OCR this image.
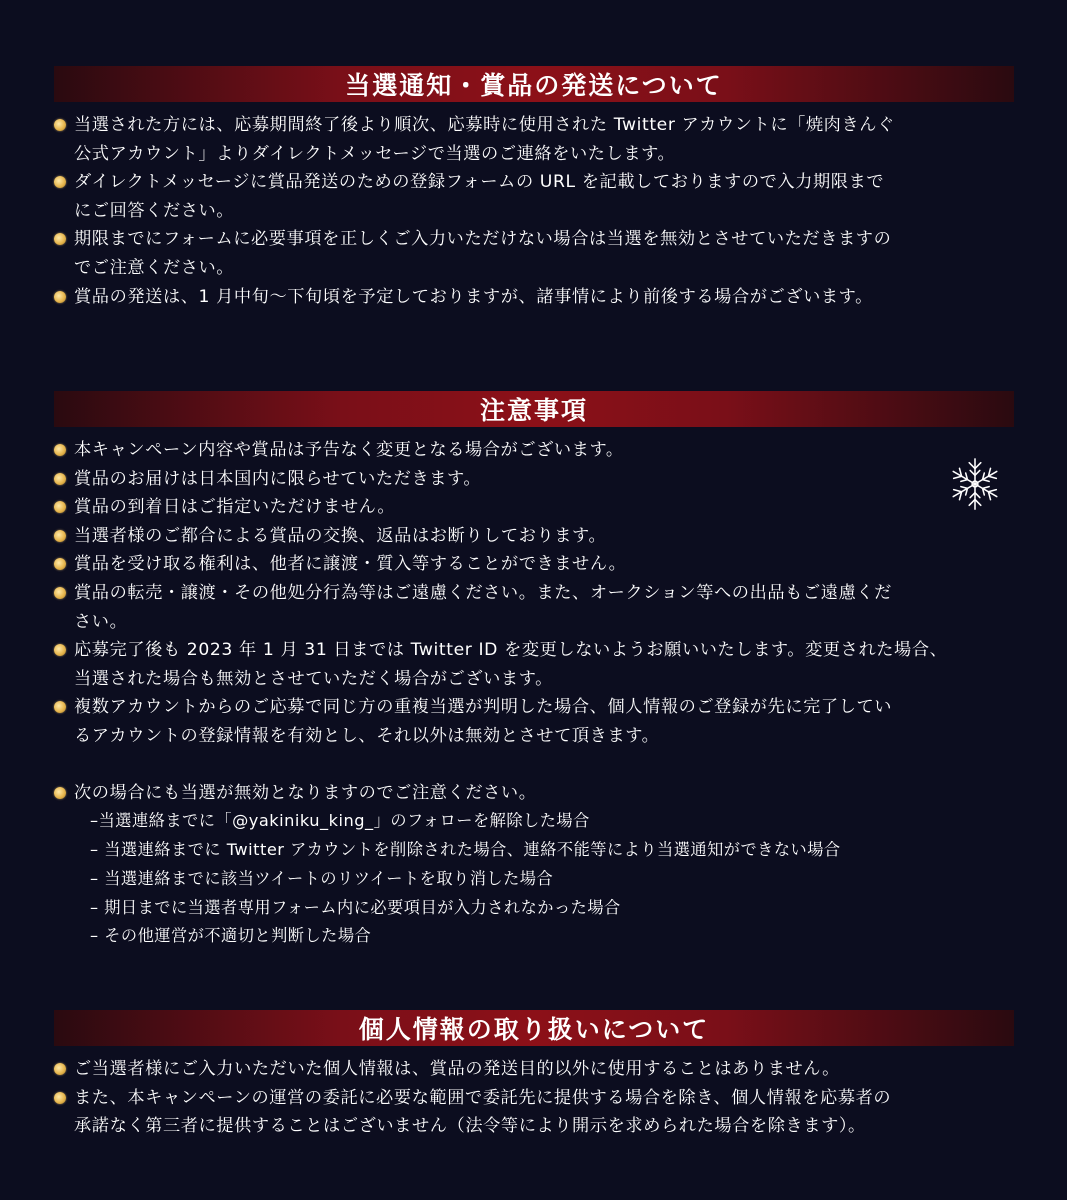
当選通知・賞品の発送について
当選された方には、応募期間終了後より順次、応募時に使用された Twitter アカウントに「焼肉きんぐ
公式アカウント」よりダイレクトメッセージで当選のご連絡をいたします。
ダイレクトメッセージに賞品発送のための登録フォームの URL を記載しておりますので入力期限まで
にご回答ください。
期限までにフォームに必要事項を正しくご入力いただけない場合は当選を無効とさせていただきますの
でご注意ください。
賞品の発送は、1 月中旬～下旬頃を予定しておりますが、諸事情により前後する場合がございます。
注意事項
本キャンペーン内容や賞品は予告なく変更となる場合がございます。
賞品のお届けは日本国内に限らせていただきます。
賞品の到着日はご指定いただけません。
当選者様のご都合による賞品の交換、返品はお断りしております。
賞品を受け取る権利は、他者に譲渡・質入等することができません。
賞品の転売・譲渡・その他処分行為等はご遠慮ください。また、オークション等への出品もご遠慮くだ
さい。
応募完了後も 2023 年 1 月 31 日までは Twitter ID を変更しないようお願いいたします。変更された場合、
当選された場合も無効とさせていただく場合がございます。
複数アカウントからのご応募で同じ方の重複当選が判明した場合、個人情報のご登録が先に完了してい
るアカウントの登録情報を有効とし、それ以外は無効とさせて頂きます。
次の場合にも当選が無効となりますのでご注意ください。
–当選連絡までに「@yakiniku_king_」のフォローを解除した場合
– 当選連絡までに Twitter アカウントを削除された場合、連絡不能等により当選通知ができない場合
– 当選連絡までに該当ツイートのリツイートを取り消した場合
– 期日までに当選者専用フォーム内に必要項目が入力されなかった場合
– その他運営が不適切と判断した場合
個人情報の取り扱いについて
ご当選者様にご入力いただいた個人情報は、賞品の発送目的以外に使用することはありません。
また、本キャンペーンの運営の委託に必要な範囲で委託先に提供する場合を除き、個人情報を応募者の
承諾なく第三者に提供することはございません（法令等により開示を求められた場合を除きます）。
